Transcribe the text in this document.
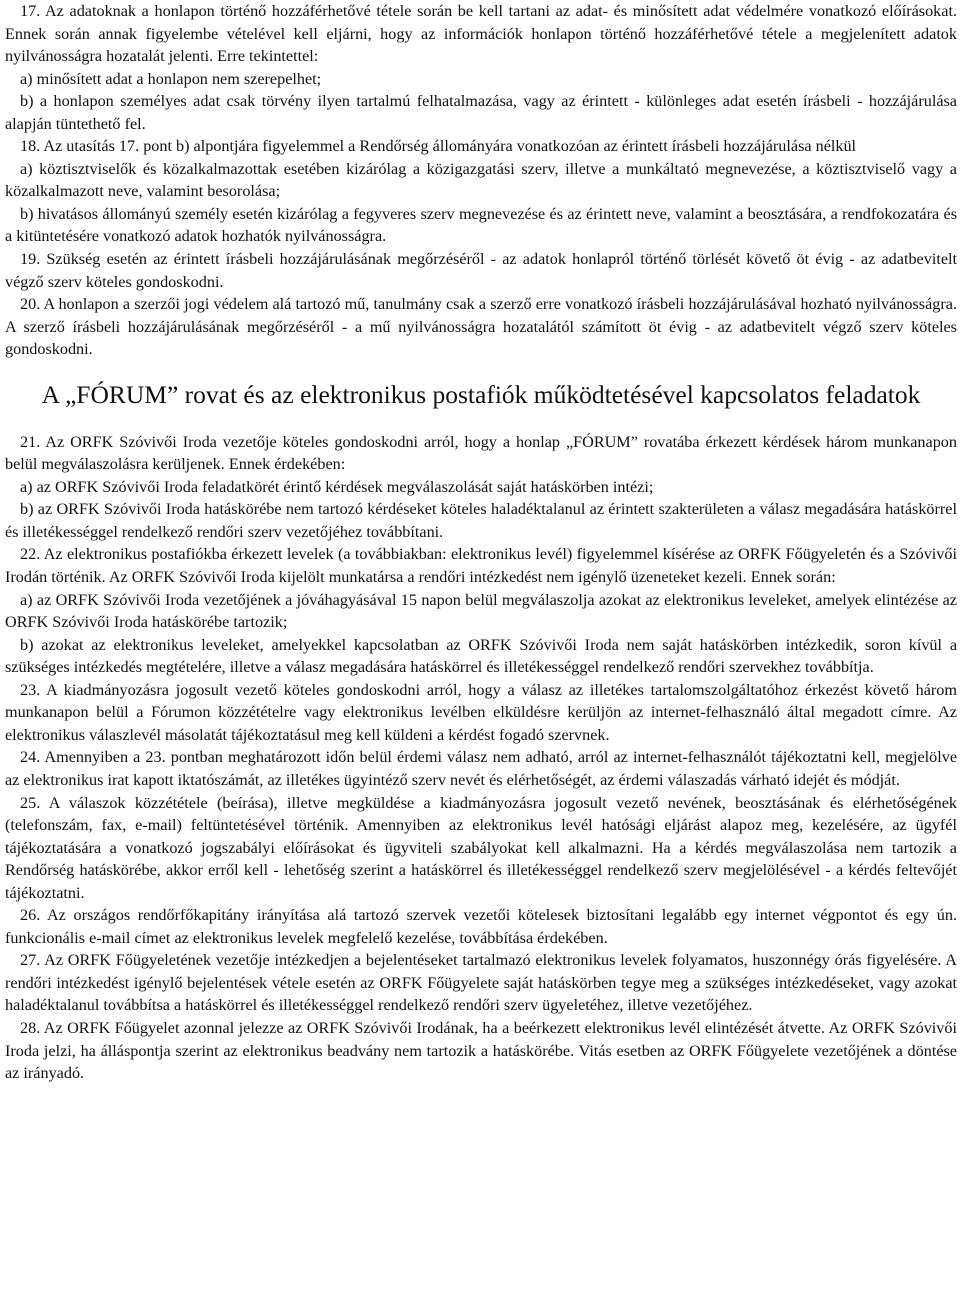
17. Az adatoknak a honlapon történő hozzáférhetővé tétele során be kell tartani az adat- és minősített adat védelmére vonatkozó előírásokat. Ennek során annak figyelembe vételével kell eljárni, hogy az információk honlapon történő hozzáférhetővé tétele a megjelenített adatok nyilvánosságra hozatalát jelenti. Erre tekintettel:

a) minősített adat a honlapon nem szerepelhet;

b) a honlapon személyes adat csak törvény ilyen tartalmú felhatalmazása, vagy az érintett - különleges adat esetén írásbeli - hozzájárulása alapján tüntethető fel.

18. Az utasítás 17. pont b) alpontjára figyelemmel a Rendőrség állományára vonatkozóan az érintett írásbeli hozzájárulása nélkül

a) köztisztviselők és közalkalmazottak esetében kizárólag a közigazgatási szerv, illetve a munkáltató megnevezése, a köztisztviselő vagy a közalkalmazott neve, valamint besorolása;

b) hivatásos állományú személy esetén kizárólag a fegyveres szerv megnevezése és az érintett neve, valamint a beosztására, a rendfokozatára és a kitüntetésére vonatkozó adatok hozhatók nyilvánosságra.

19. Szükség esetén az érintett írásbeli hozzájárulásának megőrzéséről - az adatok honlapról történő törlését követő öt évig - az adatbevitelt végző szerv köteles gondoskodni.

20. A honlapon a szerzői jogi védelem alá tartozó mű, tanulmány csak a szerző erre vonatkozó írásbeli hozzájárulásával hozható nyilvánosságra. A szerző írásbeli hozzájárulásának megőrzéséről - a mű nyilvánosságra hozatalától számított öt évig - az adatbevitelt végző szerv köteles gondoskodni.

A „FÓRUM” rovat és az elektronikus postafiók működtetésével kapcsolatos feladatok

21. Az ORFK Szóvivői Iroda vezetője köteles gondoskodni arról, hogy a honlap „FÓRUM” rovatába érkezett kérdések három munkanapon belül megválaszolásra kerüljenek. Ennek érdekében:

a) az ORFK Szóvivői Iroda feladatkörét érintő kérdések megválaszolását saját hatáskörben intézi;

b) az ORFK Szóvivői Iroda hatáskörébe nem tartozó kérdéseket köteles haladéktalanul az érintett szakterületen a válasz megadására hatáskörrel és illetékességgel rendelkező rendőri szerv vezetőjéhez továbbítani.

22. Az elektronikus postafiókba érkezett levelek (a továbbiakban: elektronikus levél) figyelemmel kísérése az ORFK Főügyeletén és a Szóvivői Irodán történik. Az ORFK Szóvivői Iroda kijelölt munkatársa a rendőri intézkedést nem igénylő üzeneteket kezeli. Ennek során:

a) az ORFK Szóvivői Iroda vezetőjének a jóváhagyásával 15 napon belül megválaszolja azokat az elektronikus leveleket, amelyek elintézése az ORFK Szóvivői Iroda hatáskörébe tartozik;

b) azokat az elektronikus leveleket, amelyekkel kapcsolatban az ORFK Szóvivői Iroda nem saját hatáskörben intézkedik, soron kívül a szükséges intézkedés megtételére, illetve a válasz megadására hatáskörrel és illetékességgel rendelkező rendőri szervekhez továbbítja.

23. A kiadmányozásra jogosult vezető köteles gondoskodni arról, hogy a válasz az illetékes tartalomszolgáltatóhoz érkezést követő három munkanapon belül a Fórumon közzétételre vagy elektronikus levélben elküldésre kerüljön az internet-felhasználó által megadott címre. Az elektronikus válaszlevél másolatát tájékoztatásul meg kell küldeni a kérdést fogadó szervnek.

24. Amennyiben a 23. pontban meghatározott időn belül érdemi válasz nem adható, arról az internet-felhasználót tájékoztatni kell, megjelölve az elektronikus irat kapott iktatószámát, az illetékes ügyintéző szerv nevét és elérhetőségét, az érdemi válaszadás várható idejét és módját.

25. A válaszok közzététele (beírása), illetve megküldése a kiadmányozásra jogosult vezető nevének, beosztásának és elérhetőségének (telefonszám, fax, e-mail) feltüntetésével történik. Amennyiben az elektronikus levél hatósági eljárást alapoz meg, kezelésére, az ügyfél tájékoztatására a vonatkozó jogszabályi előírásokat és ügyviteli szabályokat kell alkalmazni. Ha a kérdés megválaszolása nem tartozik a Rendőrség hatáskörébe, akkor erről kell - lehetőség szerint a hatáskörrel és illetékességgel rendelkező szerv megjelölésével - a kérdés feltevőjét tájékoztatni.

26. Az országos rendőrfőkapitány irányítása alá tartozó szervek vezetői kötelesek biztosítani legalább egy internet végpontot és egy ún. funkcionális e-mail címet az elektronikus levelek megfelelő kezelése, továbbítása érdekében.

27. Az ORFK Főügyeletének vezetője intézkedjen a bejelentéseket tartalmazó elektronikus levelek folyamatos, huszonnégy órás figyelésére. A rendőri intézkedést igénylő bejelentések vétele esetén az ORFK Főügyelete saját hatáskörben tegye meg a szükséges intézkedéseket, vagy azokat haladéktalanul továbbítsa a hatáskörrel és illetékességgel rendelkező rendőri szerv ügyeletéhez, illetve vezetőjéhez.

28. Az ORFK Főügyelet azonnal jelezze az ORFK Szóvivői Irodának, ha a beérkezett elektronikus levél elintézését átvette. Az ORFK Szóvivői Iroda jelzi, ha álláspontja szerint az elektronikus beadvány nem tartozik a hatáskörébe. Vitás esetben az ORFK Főügyelete vezetőjének a döntése az irányadó.
